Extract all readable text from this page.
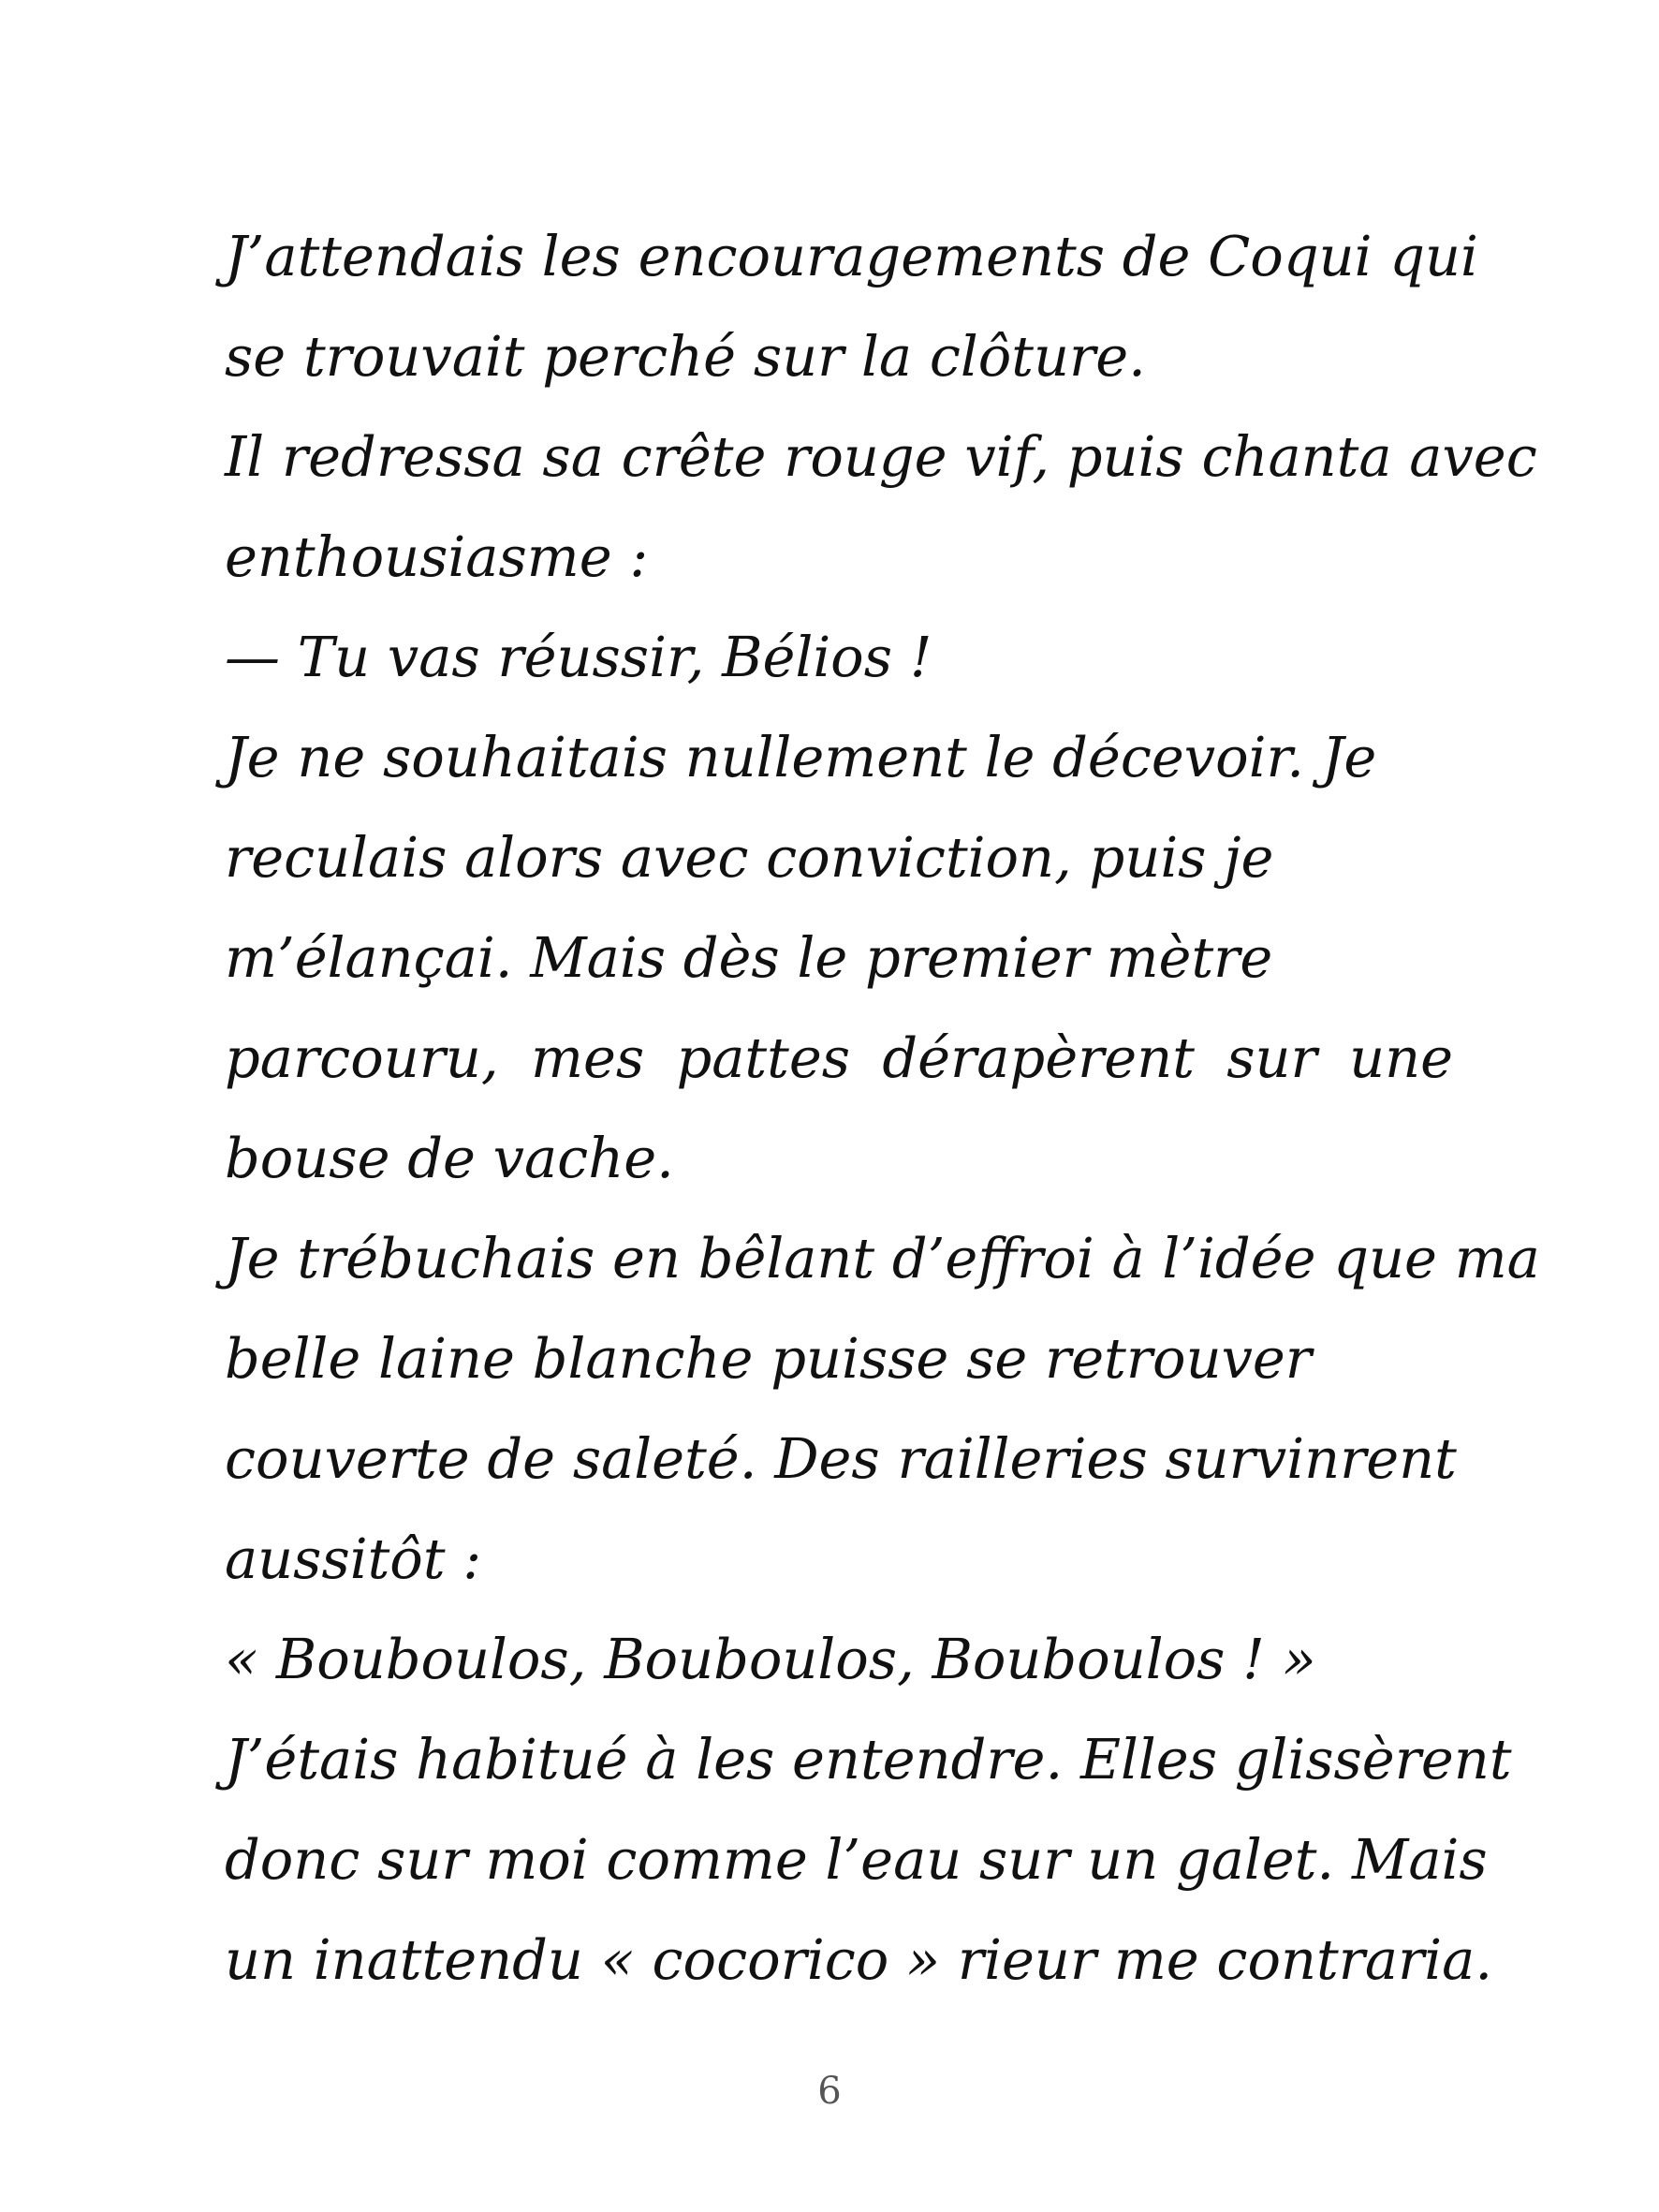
J’attendais les encouragements de Coqui qui
se trouvait perché sur la clôture.
Il redressa sa crête rouge vif, puis chanta avec
enthousiasme :
— Tu vas réussir, Bélios !
Je ne souhaitais nullement le décevoir. Je
reculais alors avec conviction, puis je
m’élançai. Mais dès le premier mètre
parcouru, mes pattes dérapèrent sur une
bouse de vache.
Je trébuchais en bêlant d’effroi à l’idée que ma
belle laine blanche puisse se retrouver
couverte de saleté. Des railleries survinrent
aussitôt :
« Bouboulos, Bouboulos, Bouboulos ! »
J’étais habitué à les entendre. Elles glissèrent
donc sur moi comme l’eau sur un galet. Mais
un inattendu « cocorico » rieur me contraria.
6
